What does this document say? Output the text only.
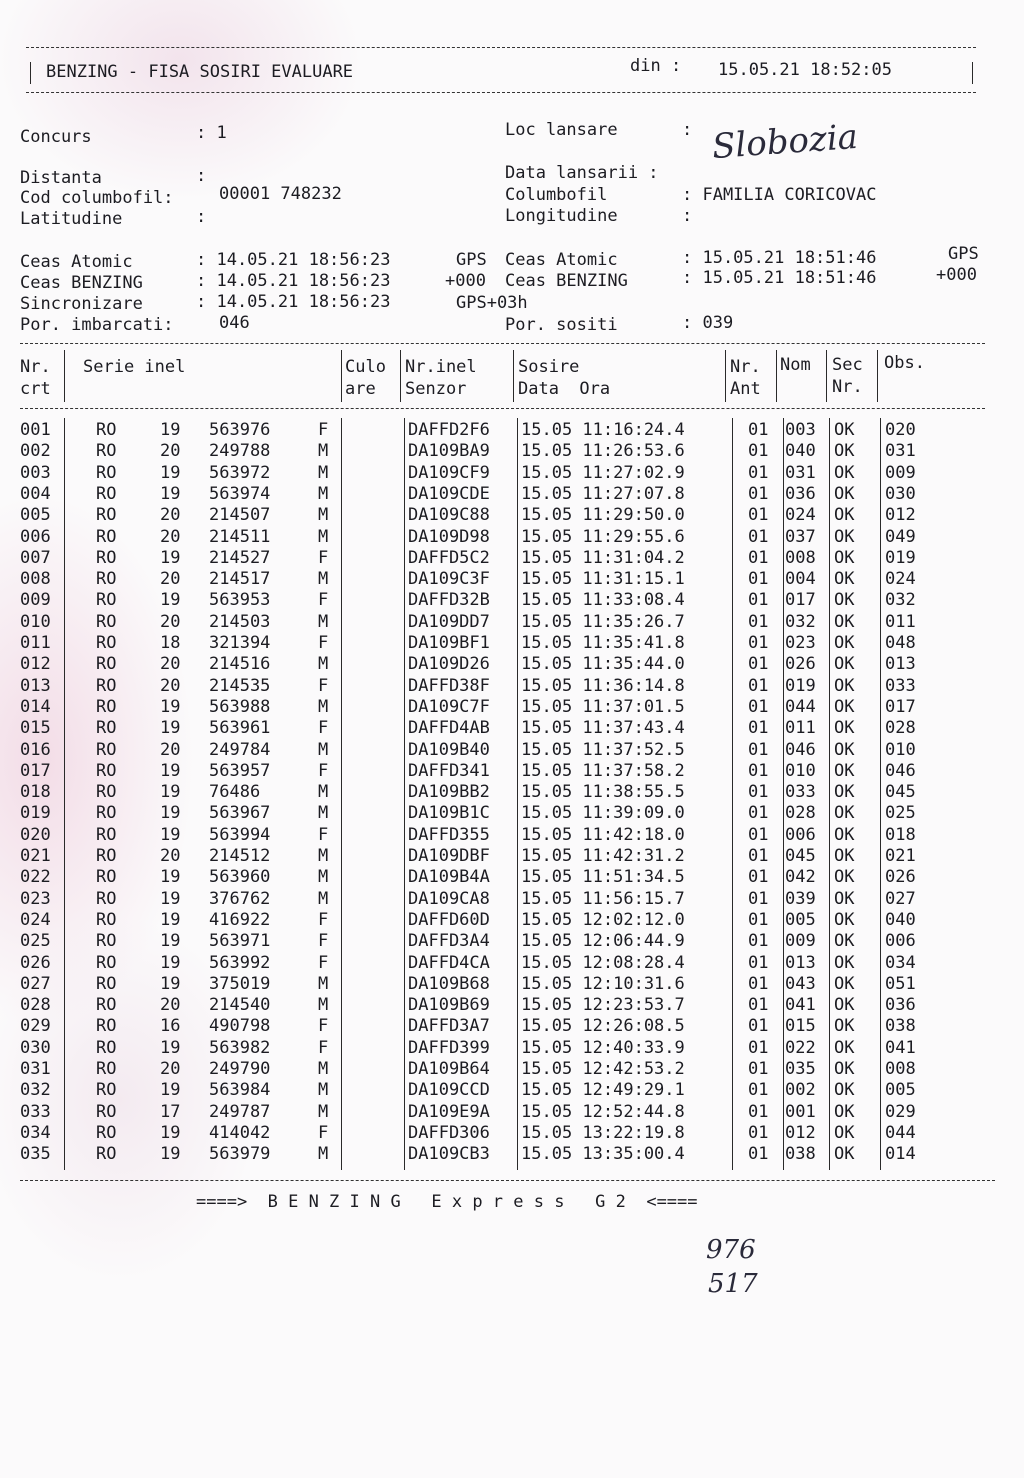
BENZING - FISA SOSIRI EVALUARE	din : 15.05.21 18:52:05
Concurs	: 1
Distanta	:
Cod columbofil:	00001 748232
Latitudine	:
Loc lansare	: Slobozia
Data lansarii :
Columbofil	: FAMILIA CORICOVAC
Longitudine	:
Ceas Atomic	: 14.05.21 18:56:23	GPS
Ceas BENZING	: 14.05.21 18:56:23	+000
Sincronizare	: 14.05.21 18:56:23	GPS+03h
Por. imbarcati:	046
Ceas Atomic	: 15.05.21 18:51:46	GPS
Ceas BENZING	: 15.05.21 18:51:46	+000
Por. sositi	: 039
Nr.
crt
Serie inel	Culo
are
Nr.inel
Senzor
Sosire
Data  Ora
Nr.
Ant
Nom Sec
Nr.
Obs.
001	RO	19 563976	F	DAFFD2F6 15.05 11:16:24.4	01 003 OK 020
002	RO	20 249788	M	DA109BA9 15.05 11:26:53.6	01 040 OK 031
003	RO	19 563972	M	DA109CF9 15.05 11:27:02.9	01 031 OK 009
004	RO	19 563974	M	DA109CDE 15.05 11:27:07.8	01 036 OK 030
005	RO	20 214507	M	DA109C88 15.05 11:29:50.0	01 024 OK 012
006	RO	20 214511	M	DA109D98 15.05 11:29:55.6	01 037 OK 049
007	RO	19 214527	F	DAFFD5C2 15.05 11:31:04.2	01 008 OK 019
008	RO	20 214517	M	DA109C3F 15.05 11:31:15.1	01 004 OK 024
009	RO	19 563953	F	DAFFD32B 15.05 11:33:08.4	01 017 OK 032
010	RO	20 214503	M	DA109DD7 15.05 11:35:26.7	01 032 OK 011
011	RO	18 321394	F	DA109BF1 15.05 11:35:41.8	01 023 OK 048
012	RO	20 214516	M	DA109D26 15.05 11:35:44.0	01 026 OK 013
013	RO	20 214535	F	DAFFD38F 15.05 11:36:14.8	01 019 OK 033
014	RO	19 563988	M	DA109C7F 15.05 11:37:01.5	01 044 OK 017
015	RO	19 563961	F	DAFFD4AB 15.05 11:37:43.4	01 011 OK 028
016	RO	20 249784	M	DA109B40 15.05 11:37:52.5	01 046 OK 010
017	RO	19 563957	F	DAFFD341 15.05 11:37:58.2	01 010 OK 046
018	RO	19 76486	M	DA109BB2 15.05 11:38:55.5	01 033 OK 045
019	RO	19 563967	M	DA109B1C 15.05 11:39:09.0	01 028 OK 025
020	RO	19 563994	F	DAFFD355 15.05 11:42:18.0	01 006 OK 018
021	RO	20 214512	M	DA109DBF 15.05 11:42:31.2	01 045 OK 021
022	RO	19 563960	M	DA109B4A 15.05 11:51:34.5	01 042 OK 026
023	RO	19 376762	M	DA109CA8 15.05 11:56:15.7	01 039 OK 027
024	RO	19 416922	F	DAFFD60D 15.05 12:02:12.0	01 005 OK 040
025	RO	19 563971	F	DAFFD3A4 15.05 12:06:44.9	01 009 OK 006
026	RO	19 563992	F	DAFFD4CA 15.05 12:08:28.4	01 013 OK 034
027	RO	19 375019	M	DA109B68 15.05 12:10:31.6	01 043 OK 051
028	RO	20 214540	M	DA109B69 15.05 12:23:53.7	01 041 OK 036
029	RO	16 490798	F	DAFFD3A7 15.05 12:26:08.5	01 015 OK 038
030	RO	19 563982	F	DAFFD399 15.05 12:40:33.9	01 022 OK 041
031	RO	20 249790	M	DA109B64 15.05 12:42:53.2	01 035 OK 008
032	RO	19 563984	M	DA109CCD 15.05 12:49:29.1	01 002 OK 005
033	RO	17 249787	M	DA109E9A 15.05 12:52:44.8	01 001 OK 029
034	RO	19 414042	F	DAFFD306 15.05 13:22:19.8	01 012 OK 044
035	RO	19 563979	M	DA109CB3 15.05 13:35:00.4	01 038 OK 014
====>  B E N Z I N G   E x p r e s s   G 2  <====
976
517
